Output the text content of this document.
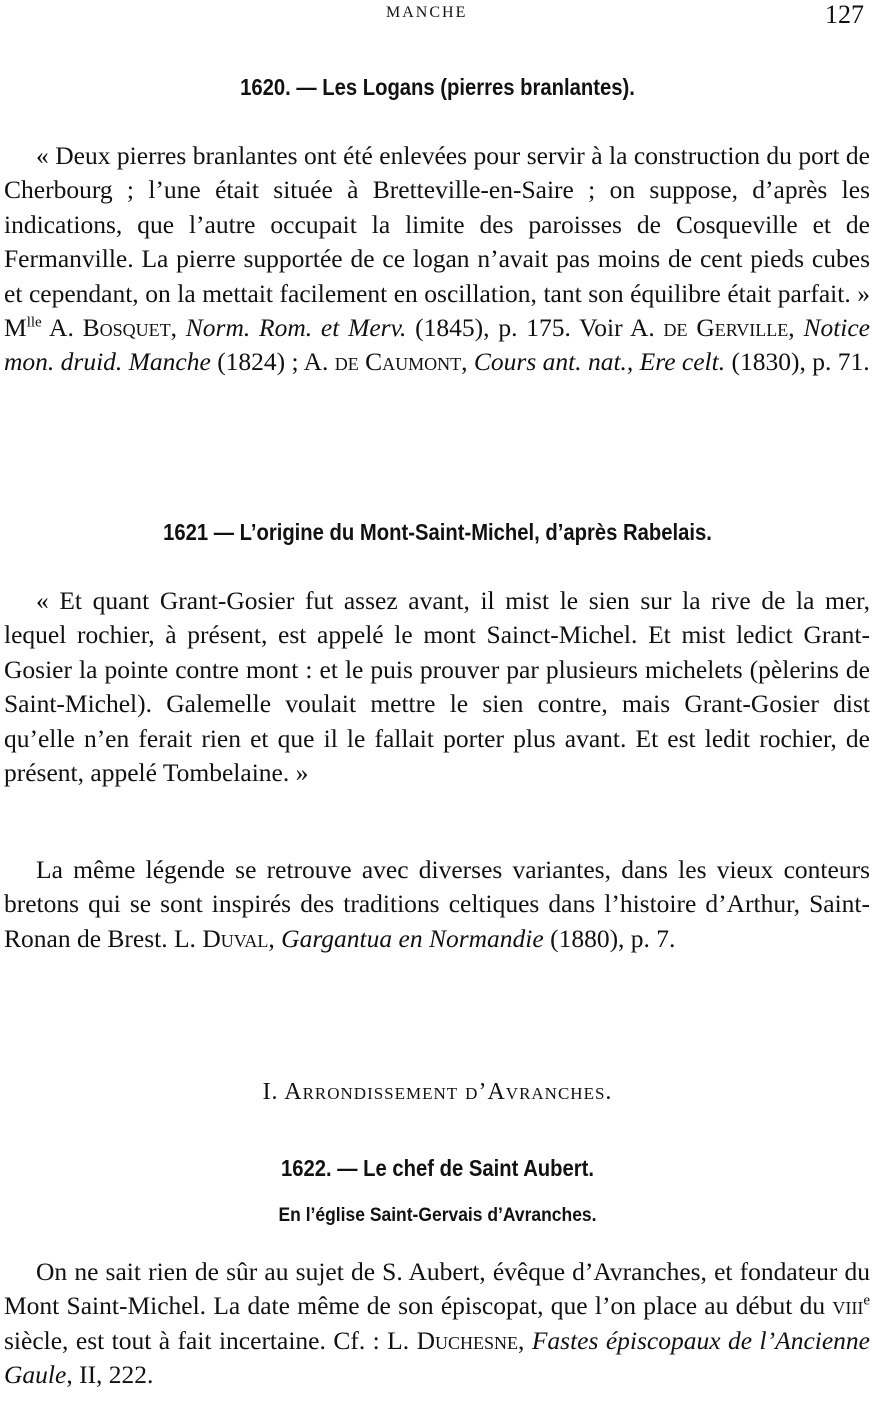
MANCHE	127
1620. — Les Logans (pierres branlantes).
« Deux pierres branlantes ont été enlevées pour servir à la construction du port de Cherbourg ; l’une était située à Bretteville-en-Saire ; on suppose, d’après les indications, que l’autre occupait la limite des paroisses de Cosqueville et de Fermanville. La pierre supportée de ce logan n’avait pas moins de cent pieds cubes et cependant, on la mettait facilement en oscillation, tant son équilibre était parfait. » $M^{lle}$ A. Bosquet, Norm. Rom. et Merv. (1845), p. 175. Voir A. de Gerville, Notice mon. druid. Manche (1824) ; A. de Caumont, Cours ant. nat., Ere celt. (1830), p. 71.
1621 — L’origine du Mont-Saint-Michel, d’après Rabelais.
« Et quant Grant-Gosier fut assez avant, il mist le sien sur la rive de la mer, lequel rochier, à présent, est appelé le mont Sainct-Michel. Et mist ledict Grant-Gosier la pointe contre mont : et le puis prouver par plusieurs michelets (pèlerins de Saint-Michel). Galemelle voulait mettre le sien contre, mais Grant-Gosier dist qu’elle n’en ferait rien et que il le fallait porter plus avant. Et est ledit rochier, de présent, appelé Tombelaine. »
La même légende se retrouve avec diverses variantes, dans les vieux conteurs bretons qui se sont inspirés des traditions celtiques dans l’histoire d’Arthur, Saint-Ronan de Brest. L. Duval, Gargantua en Normandie (1880), p. 7.
I. Arrondissement d’Avranches.
1622. — Le chef de Saint Aubert.
En l’église Saint-Gervais d’Avranches.
On ne sait rien de sûr au sujet de S. Aubert, évêque d’Avranches, et fondateur du Mont Saint-Michel. La date même de son épiscopat, que l’on place au début du viii$^e$ siècle, est tout à fait incertaine. Cf. : L. Duchesne, Fastes épiscopaux de l’Ancienne Gaule, II, 222.
